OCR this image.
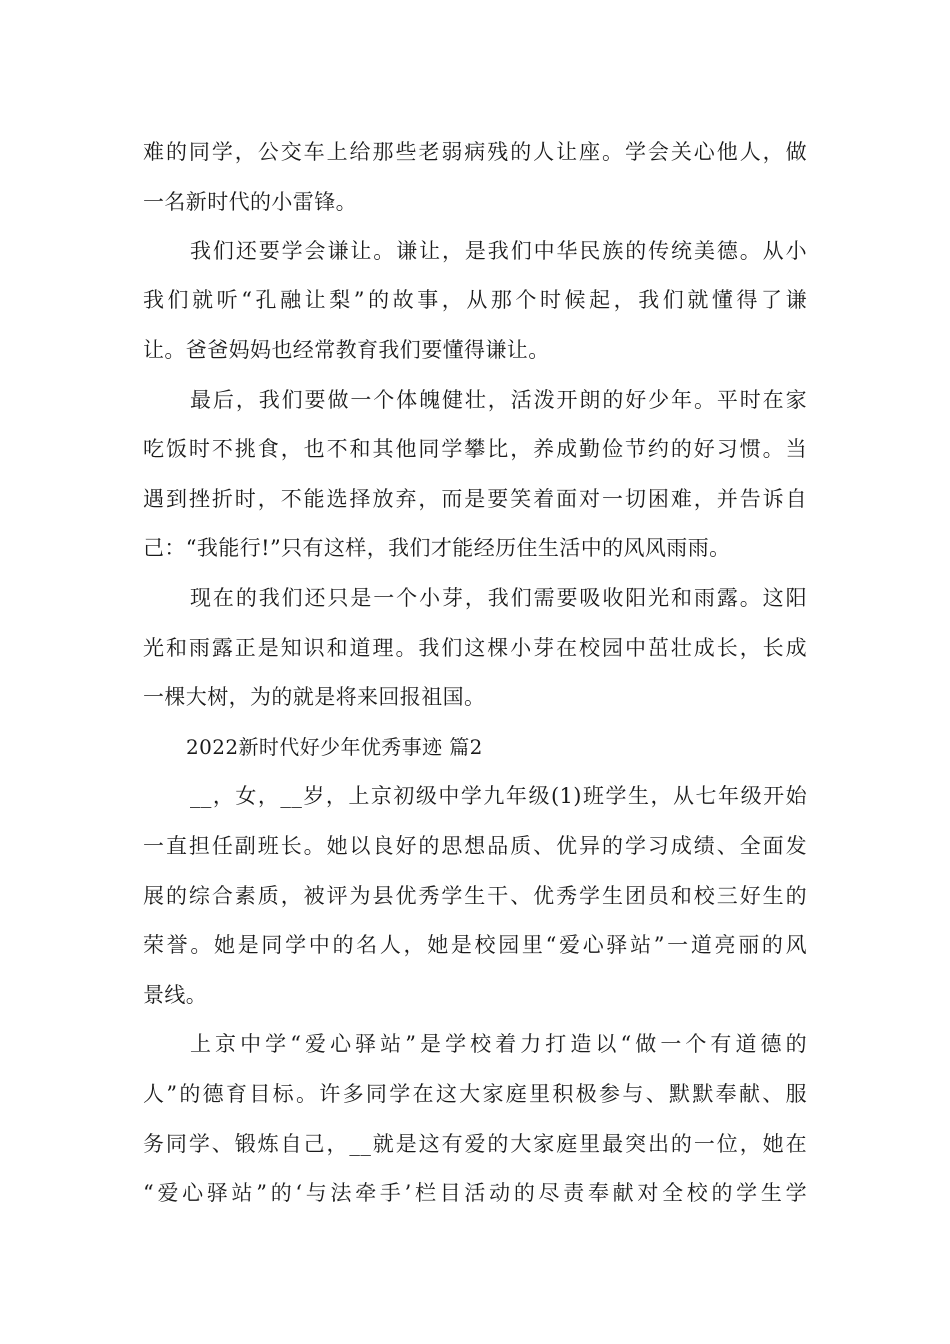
难的同学，公交车上给那些老弱病残的人让座。学会关心他人，做
一名新时代的小雷锋。
我们还要学会谦让。谦让，是我们中华民族的传统美德。从小
我们就听“孔融让梨”的故事，从那个时候起，我们就懂得了谦
让。爸爸妈妈也经常教育我们要懂得谦让。
最后，我们要做一个体魄健壮，活泼开朗的好少年。平时在家
吃饭时不挑食，也不和其他同学攀比，养成勤俭节约的好习惯。当
遇到挫折时，不能选择放弃，而是要笑着面对一切困难，并告诉自
己：“我能行!”只有这样，我们才能经历住生活中的风风雨雨。
现在的我们还只是一个小芽，我们需要吸收阳光和雨露。这阳
光和雨露正是知识和道理。我们这棵小芽在校园中茁壮成长，长成
一棵大树，为的就是将来回报祖国。
2022新时代好少年优秀事迹 篇2
__，女，__岁，上京初级中学九年级(1)班学生，从七年级开始
一直担任副班长。她以良好的思想品质、优异的学习成绩、全面发
展的综合素质，被评为县优秀学生干、优秀学生团员和校三好生的
荣誉。她是同学中的名人，她是校园里“爱心驿站”一道亮丽的风
景线。
上京中学“爱心驿站”是学校着力打造以“做一个有道德的
人”的德育目标。许多同学在这大家庭里积极参与、默默奉献、服
务同学、锻炼自己，__就是这有爱的大家庭里最突出的一位，她在
“爱心驿站”的‘与法牵手’栏目活动的尽责奉献对全校的学生学
